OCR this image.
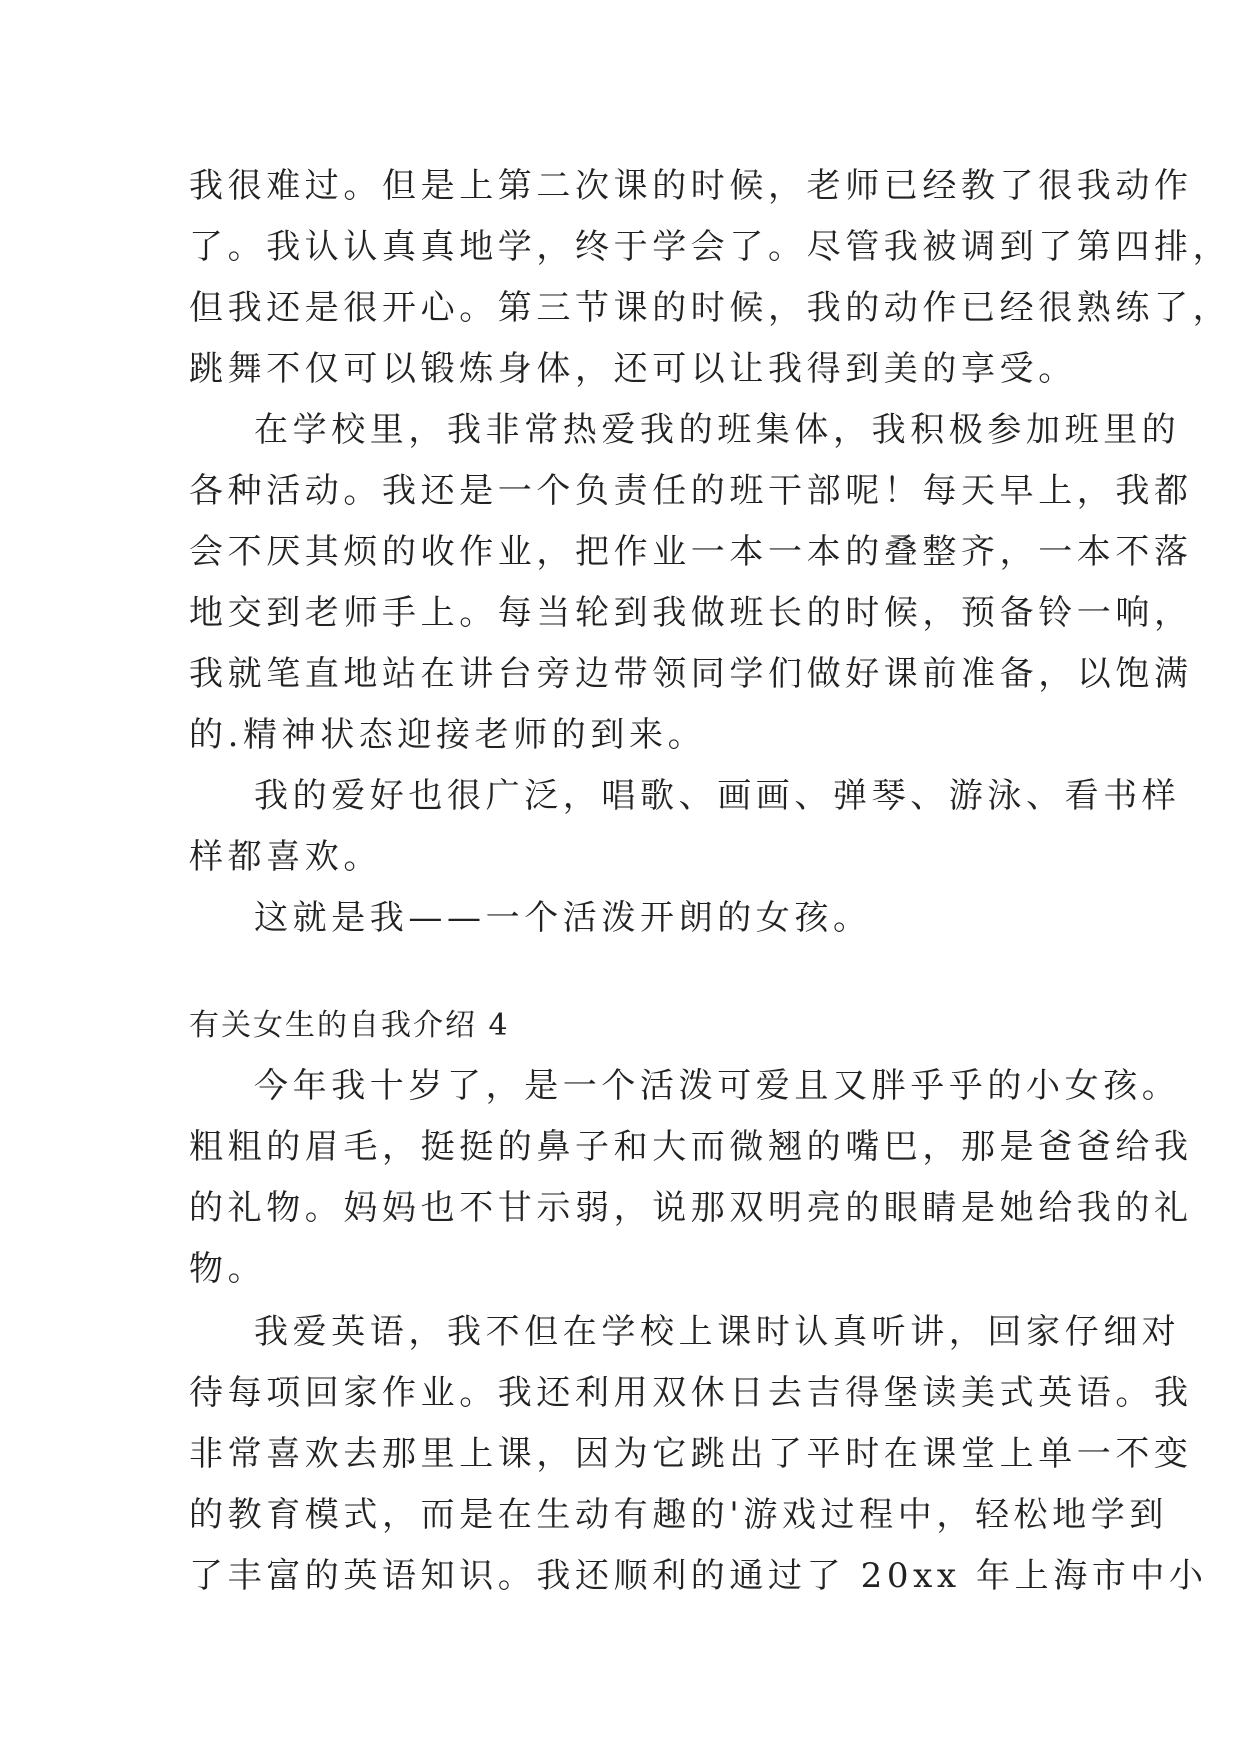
我很难过。但是上第二次课的时候，老师已经教了很我动作
了。我认认真真地学，终于学会了。尽管我被调到了第四排，
但我还是很开心。第三节课的时候，我的动作已经很熟练了，
跳舞不仅可以锻炼身体，还可以让我得到美的享受。
在学校里，我非常热爱我的班集体，我积极参加班里的
各种活动。我还是一个负责任的班干部呢！每天早上，我都
会不厌其烦的收作业，把作业一本一本的叠整齐，一本不落
地交到老师手上。每当轮到我做班长的时候，预备铃一响，
我就笔直地站在讲台旁边带领同学们做好课前准备，以饱满
的.精神状态迎接老师的到来。
我的爱好也很广泛，唱歌、画画、弹琴、游泳、看书样
样都喜欢。
这就是我——一个活泼开朗的女孩。
有关女生的自我介绍 4
今年我十岁了，是一个活泼可爱且又胖乎乎的小女孩。
粗粗的眉毛，挺挺的鼻子和大而微翘的嘴巴，那是爸爸给我
的礼物。妈妈也不甘示弱，说那双明亮的眼睛是她给我的礼
物。
我爱英语，我不但在学校上课时认真听讲，回家仔细对
待每项回家作业。我还利用双休日去吉得堡读美式英语。我
非常喜欢去那里上课，因为它跳出了平时在课堂上单一不变
的教育模式，而是在生动有趣的'游戏过程中，轻松地学到
了丰富的英语知识。我还顺利的通过了 20xx 年上海市中小
